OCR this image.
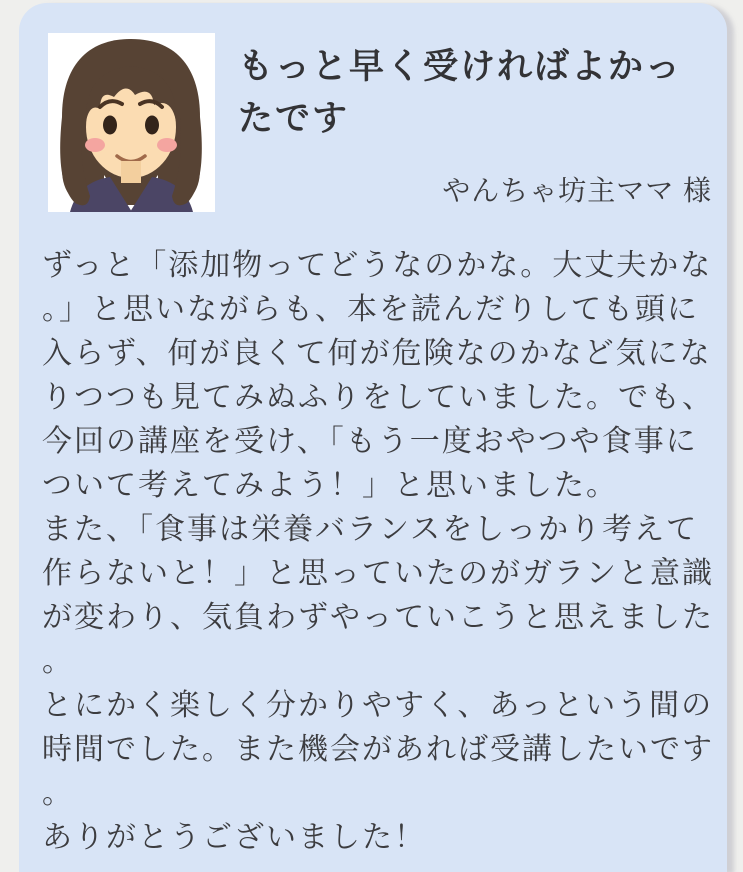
もっと早く受ければよかったです
やんちゃ坊主ママ 様

ずっと「添加物ってどうなのかな。大丈夫かな。」と思いながらも、本を読んだりしても頭に入らず、何が良くて何が危険なのかなど気になりつつも見てみぬふりをしていました。でも、今回の講座を受け、「もう一度おやつや食事について考えてみよう！」と思いました。

また、「食事は栄養バランスをしっかり考えて作らないと！」と思っていたのがガランと意識が変わり、気負わずやっていこうと思えました。

とにかく楽しく分かりやすく、あっという間の時間でした。また機会があれば受講したいです。

ありがとうございました！
